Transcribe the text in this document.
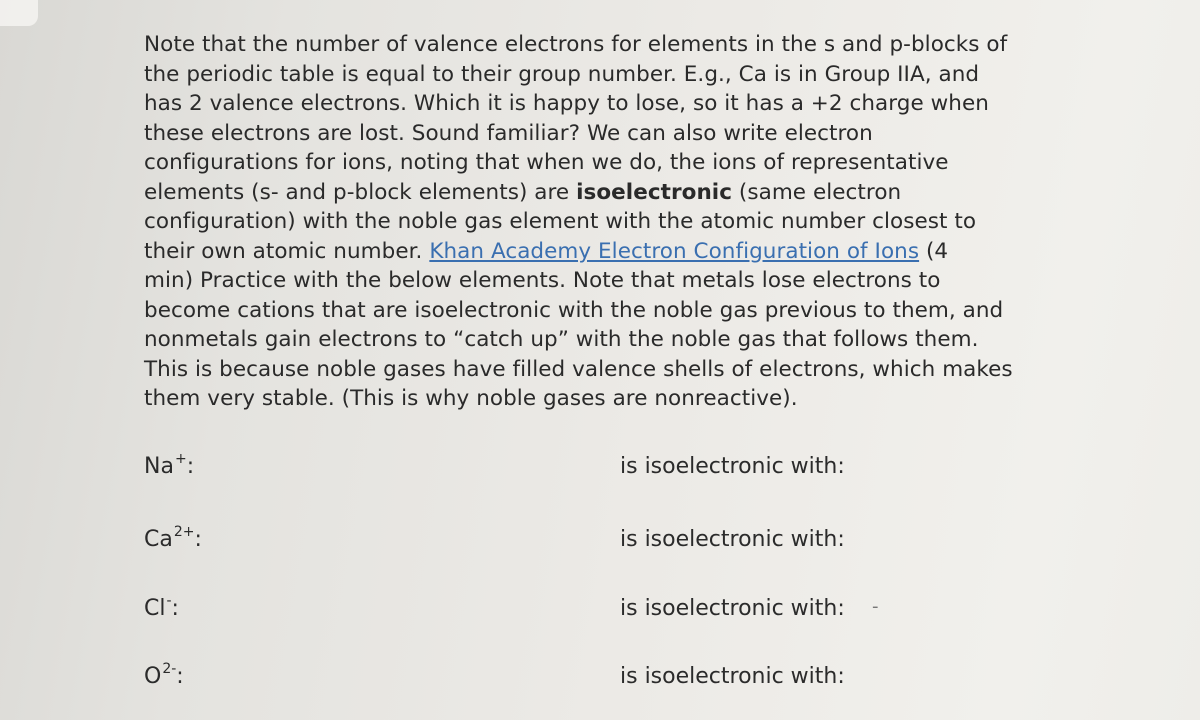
Note that the number of valence electrons for elements in the s and p-blocks of
the periodic table is equal to their group number. E.g., Ca is in Group IIA, and
has 2 valence electrons. Which it is happy to lose, so it has a +2 charge when
these electrons are lost. Sound familiar? We can also write electron
configurations for ions, noting that when we do, the ions of representative
elements (s- and p-block elements) are isoelectronic (same electron
configuration) with the noble gas element with the atomic number closest to
their own atomic number. Khan Academy Electron Configuration of Ions (4
min) Practice with the below elements. Note that metals lose electrons to
become cations that are isoelectronic with the noble gas previous to them, and
nonmetals gain electrons to “catch up” with the noble gas that follows them.
This is because noble gases have filled valence shells of electrons, which makes
them very stable. (This is why noble gases are nonreactive).

Na+:	is isoelectronic with:
$Ca^{2+}$:	is isoelectronic with:
Cl-:	is isoelectronic with: -
$O^{2-}$:	is isoelectronic with:
